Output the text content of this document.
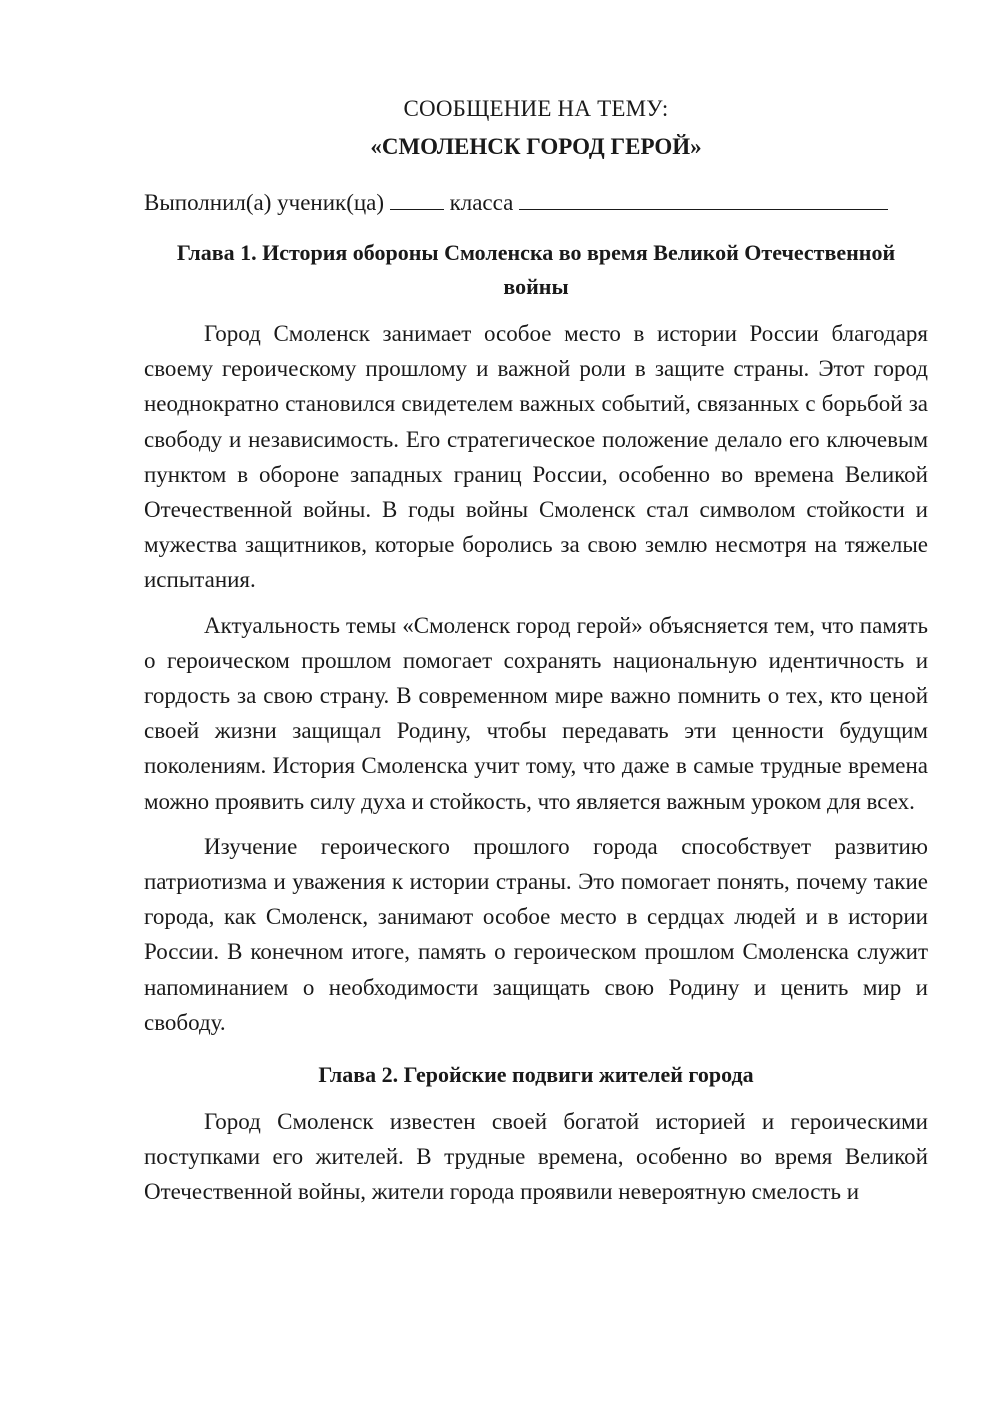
СООБЩЕНИЕ НА ТЕМУ:
«СМОЛЕНСК ГОРОД ГЕРОЙ»

Выполнил(а) ученик(ца)	класса

Глава 1. История обороны Смоленска во время Великой Отечественной войны

Город Смоленск занимает особое место в истории России благодаря своему героическому прошлому и важной роли в защите страны. Этот город неоднократно становился свидетелем важных событий, связанных с борьбой за свободу и независимость. Его стратегическое положение делало его ключевым пунктом в обороне западных границ России, особенно во времена Великой Отечественной войны. В годы войны Смоленск стал символом стойкости и мужества защитников, которые боролись за свою землю несмотря на тяжелые испытания.

Актуальность темы «Смоленск город герой» объясняется тем, что память о героическом прошлом помогает сохранять национальную идентичность и гордость за свою страну. В современном мире важно помнить о тех, кто ценой своей жизни защищал Родину, чтобы передавать эти ценности будущим поколениям. История Смоленска учит тому, что даже в самые трудные времена можно проявить силу духа и стойкость, что является важным уроком для всех.

Изучение героического прошлого города способствует развитию патриотизма и уважения к истории страны. Это помогает понять, почему такие города, как Смоленск, занимают особое место в сердцах людей и в истории России. В конечном итоге, память о героическом прошлом Смоленска служит напоминанием о необходимости защищать свою Родину и ценить мир и свободу.

Глава 2. Геройские подвиги жителей города

Город Смоленск известен своей богатой историей и героическими поступками его жителей. В трудные времена, особенно во время Великой Отечественной войны, жители города проявили невероятную смелость и
